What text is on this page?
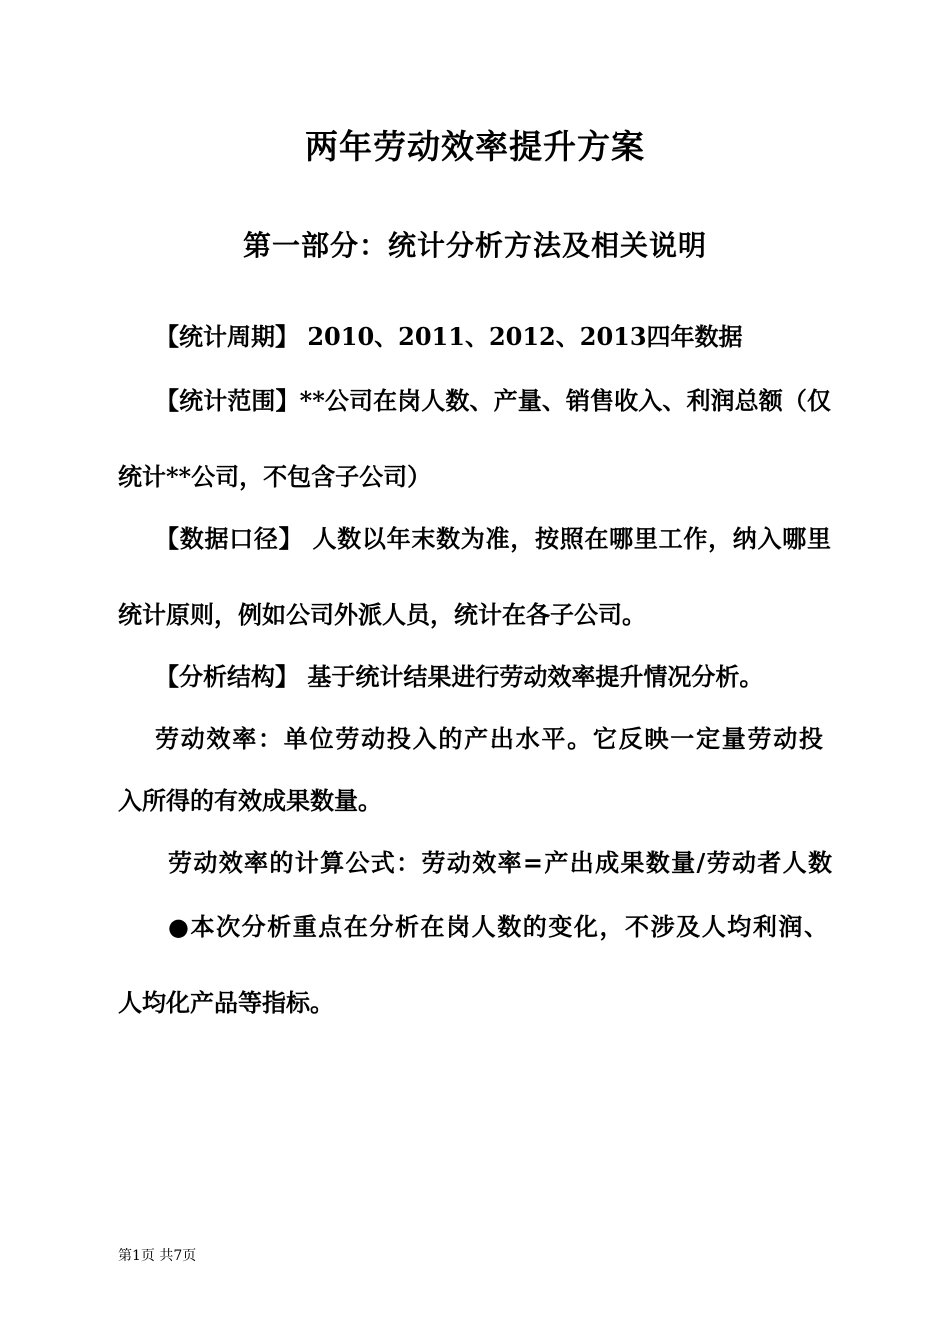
两年劳动效率提升方案
第一部分：统计分析方法及相关说明
【统计周期】 2010、2011、2012、2013四年数据
【统计范围】**公司在岗人数、产量、销售收入、利润总额（仅
统计**公司，不包含子公司）
【数据口径】 人数以年末数为准，按照在哪里工作，纳入哪里
统计原则，例如公司外派人员，统计在各子公司。
【分析结构】 基于统计结果进行劳动效率提升情况分析。
劳动效率：单位劳动投入的产出水平。它反映一定量劳动投
入所得的有效成果数量。
劳动效率的计算公式：劳动效率=产出成果数量/劳动者人数
●本次分析重点在分析在岗人数的变化，不涉及人均利润、
人均化产品等指标。
第1页 共7页
